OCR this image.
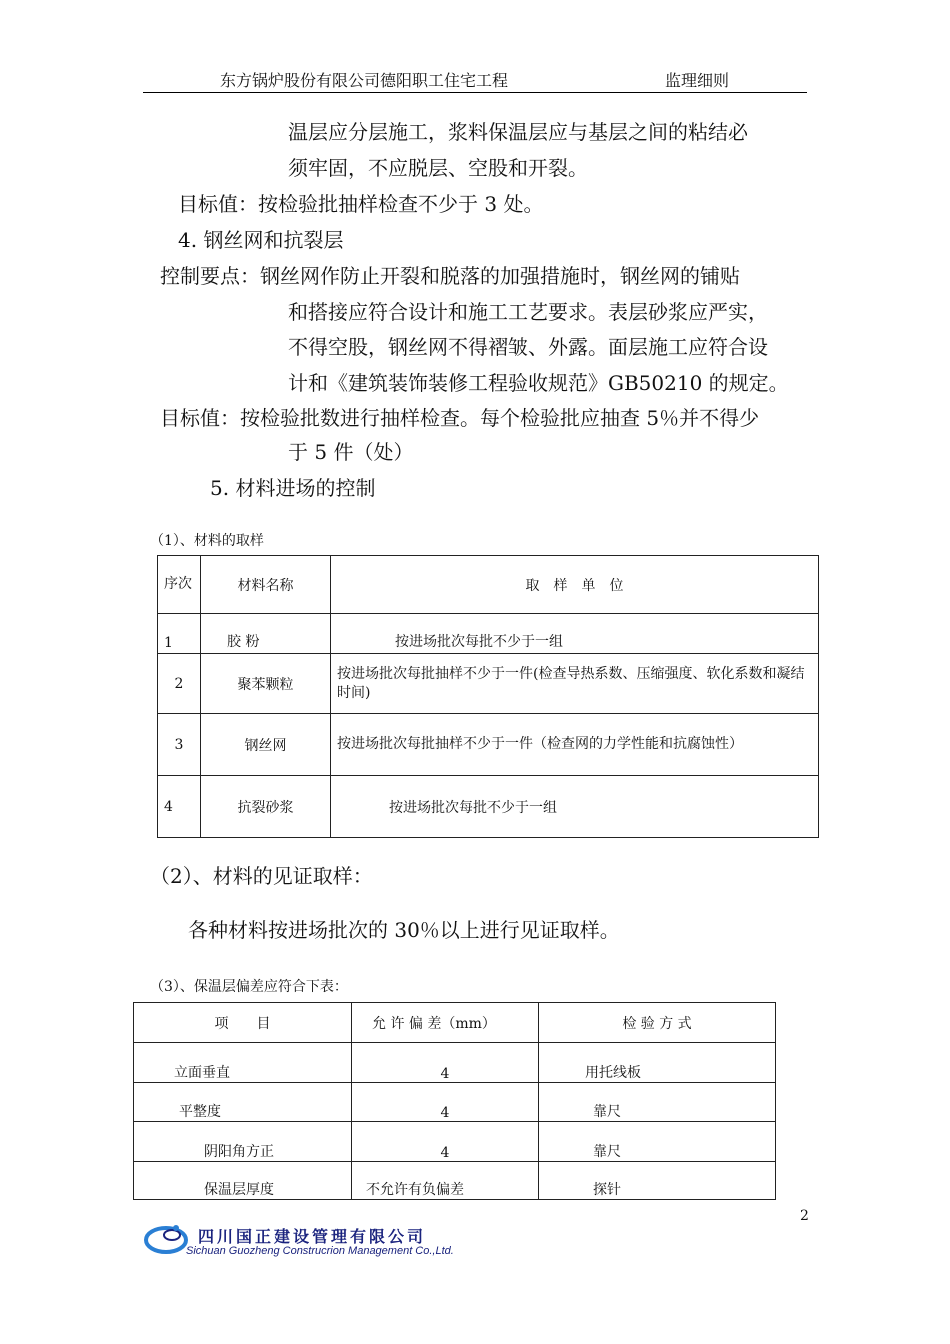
东方锅炉股份有限公司德阳职工住宅工程	监理细则
温层应分层施工，浆料保温层应与基层之间的粘结必
须牢固，不应脱层、空股和开裂。
目标值：按检验批抽样检查不少于 3 处。
4. 钢丝网和抗裂层
控制要点：钢丝网作防止开裂和脱落的加强措施时，钢丝网的铺贴
和搭接应符合设计和施工工艺要求。表层砂浆应严实，
不得空股，钢丝网不得褶皱、外露。面层施工应符合设
计和《建筑装饰装修工程验收规范》GB50210 的规定。
目标值：按检验批数进行抽样检查。每个检验批应抽查 5％并不得少
于 5 件（处）
5. 材料进场的控制
（1）、材料的取样
序次	材料名称	取　样　单　位
1	胶 粉	按进场批次每批不少于一组
2	聚苯颗粒	按进场批次每批抽样不少于一件(检查导热系数、压缩强度、软化系数和凝结时间)
3	钢丝网	按进场批次每批抽样不少于一件（检查网的力学性能和抗腐蚀性）
4	抗裂砂浆	按进场批次每批不少于一组
（2）、材料的见证取样：
各种材料按进场批次的 30％以上进行见证取样。
（3）、保温层偏差应符合下表：
项　　目	允 许 偏 差（mm）	检 验 方 式
立面垂直	4	用托线板
平整度	4	靠尺
阴阳角方正	4	靠尺
保温层厚度	不允许有负偏差	探针
2
四川国正建设管理有限公司
Sichuan Guozheng Construcrion Management Co.,Ltd.
